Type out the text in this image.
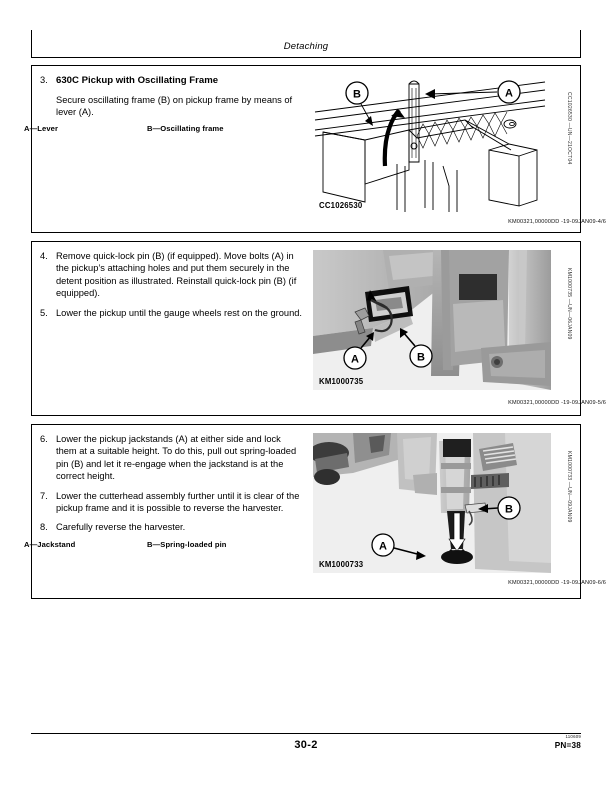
Detaching
3. 630C Pickup with Oscillating Frame

Secure oscillating frame (B) on pickup frame by means of lever (A).

A
B
CC1026530
CC1026530 —UN—21OCT04
A—Lever	B—Oscillating frame
KM00321,00000DD -19-09JAN09-4/6
4. Remove quick-lock pin (B) (if equipped). Move bolts (A) in the pickup’s attaching holes and put them securely in the detent position as illustrated. Reinstall quick-lock pin (B) (if equipped).

5. Lower the pickup until the gauge wheels rest on the ground.

A	B
KM1000735
KM1000735 —UN—06JAN09
KM00321,00000DD -19-09JAN09-5/6
6. Lower the pickup jackstands (A) at either side and lock them at a suitable height. To do this, pull out spring-loaded pin (B) and let it re-engage when the jackstand is at the correct height.

7. Lower the cutterhead assembly further until it is clear of the pickup frame and it is possible to reverse the harvester.

8. Carefully reverse the harvester.

A
B
KM1000733
KM1000733 —UN—09JAN09
A—Jackstand	B—Spring-loaded pin
KM00321,00000DD -19-09JAN09-6/6
30-2
110609
PN=38
